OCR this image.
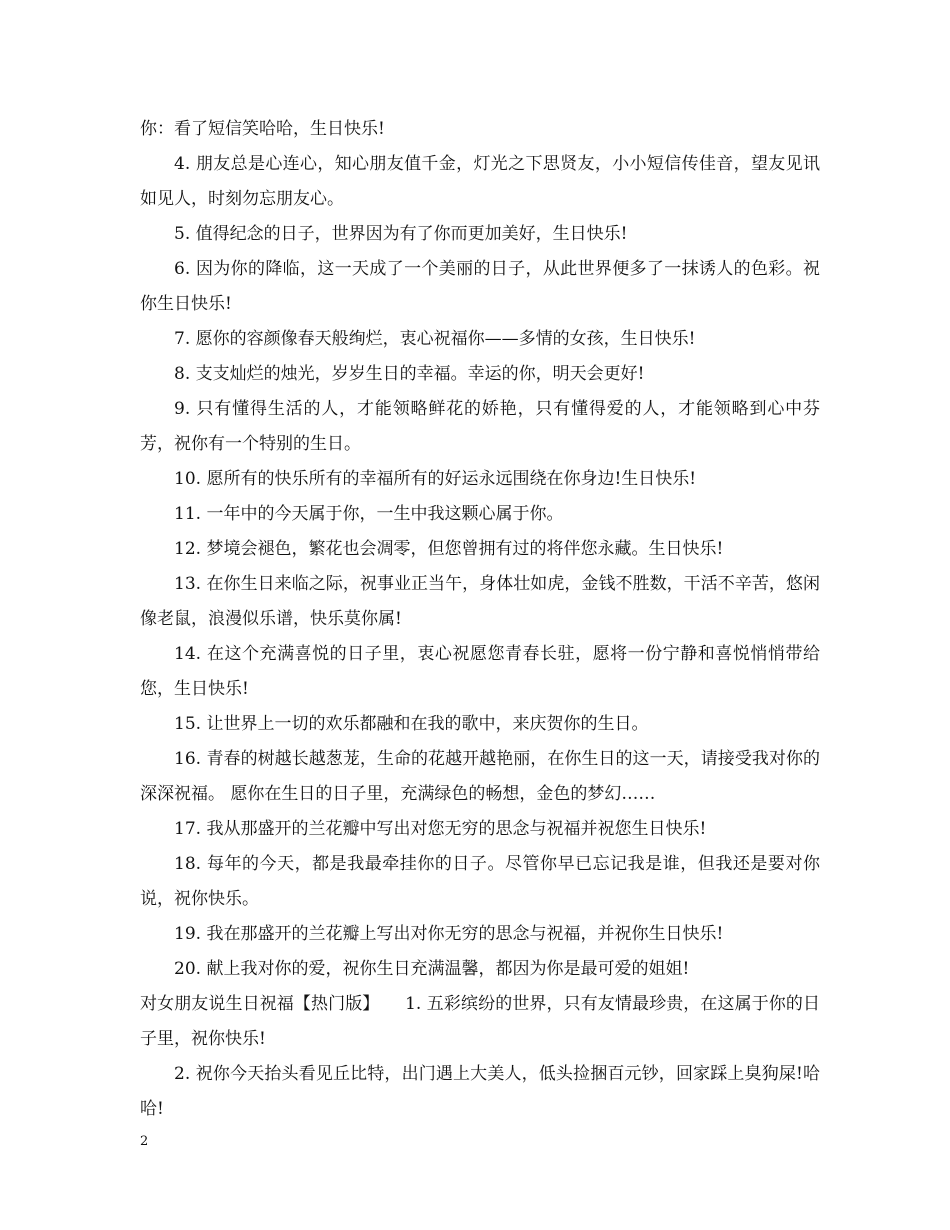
你：看了短信笑哈哈，生日快乐!

4. 朋友总是心连心，知心朋友值千金，灯光之下思贤友，小小短信传佳音，望友见讯如见人，时刻勿忘朋友心。

5. 值得纪念的日子，世界因为有了你而更加美好，生日快乐!

6. 因为你的降临，这一天成了一个美丽的日子，从此世界便多了一抹诱人的色彩。祝你生日快乐!

7. 愿你的容颜像春天般绚烂，衷心祝福你——多情的女孩，生日快乐!

8. 支支灿烂的烛光，岁岁生日的幸福。幸运的你，明天会更好!

9. 只有懂得生活的人，才能领略鲜花的娇艳，只有懂得爱的人，才能领略到心中芬芳，祝你有一个特别的生日。

10. 愿所有的快乐所有的幸福所有的好运永远围绕在你身边!生日快乐!

11. 一年中的今天属于你，一生中我这颗心属于你。

12. 梦境会褪色，繁花也会凋零，但您曾拥有过的将伴您永藏。生日快乐!

13. 在你生日来临之际，祝事业正当午，身体壮如虎，金钱不胜数，干活不辛苦，悠闲像老鼠，浪漫似乐谱，快乐莫你属!

14. 在这个充满喜悦的日子里，衷心祝愿您青春长驻，愿将一份宁静和喜悦悄悄带给您，生日快乐!

15. 让世界上一切的欢乐都融和在我的歌中，来庆贺你的生日。

16. 青春的树越长越葱茏，生命的花越开越艳丽，在你生日的这一天，请接受我对你的深深祝福。 愿你在生日的日子里，充满绿色的畅想，金色的梦幻……

17. 我从那盛开的兰花瓣中写出对您无穷的思念与祝福并祝您生日快乐!

18. 每年的今天，都是我最牵挂你的日子。尽管你早已忘记我是谁，但我还是要对你说，祝你快乐。

19. 我在那盛开的兰花瓣上写出对你无穷的思念与祝福，并祝你生日快乐!

20. 献上我对你的爱，祝你生日充满温馨，都因为你是最可爱的姐姐!

对女朋友说生日祝福【热门版】　　1. 五彩缤纷的世界，只有友情最珍贵，在这属于你的日子里，祝你快乐!

2. 祝你今天抬头看见丘比特，出门遇上大美人，低头捡捆百元钞，回家踩上臭狗屎!哈哈!

2
